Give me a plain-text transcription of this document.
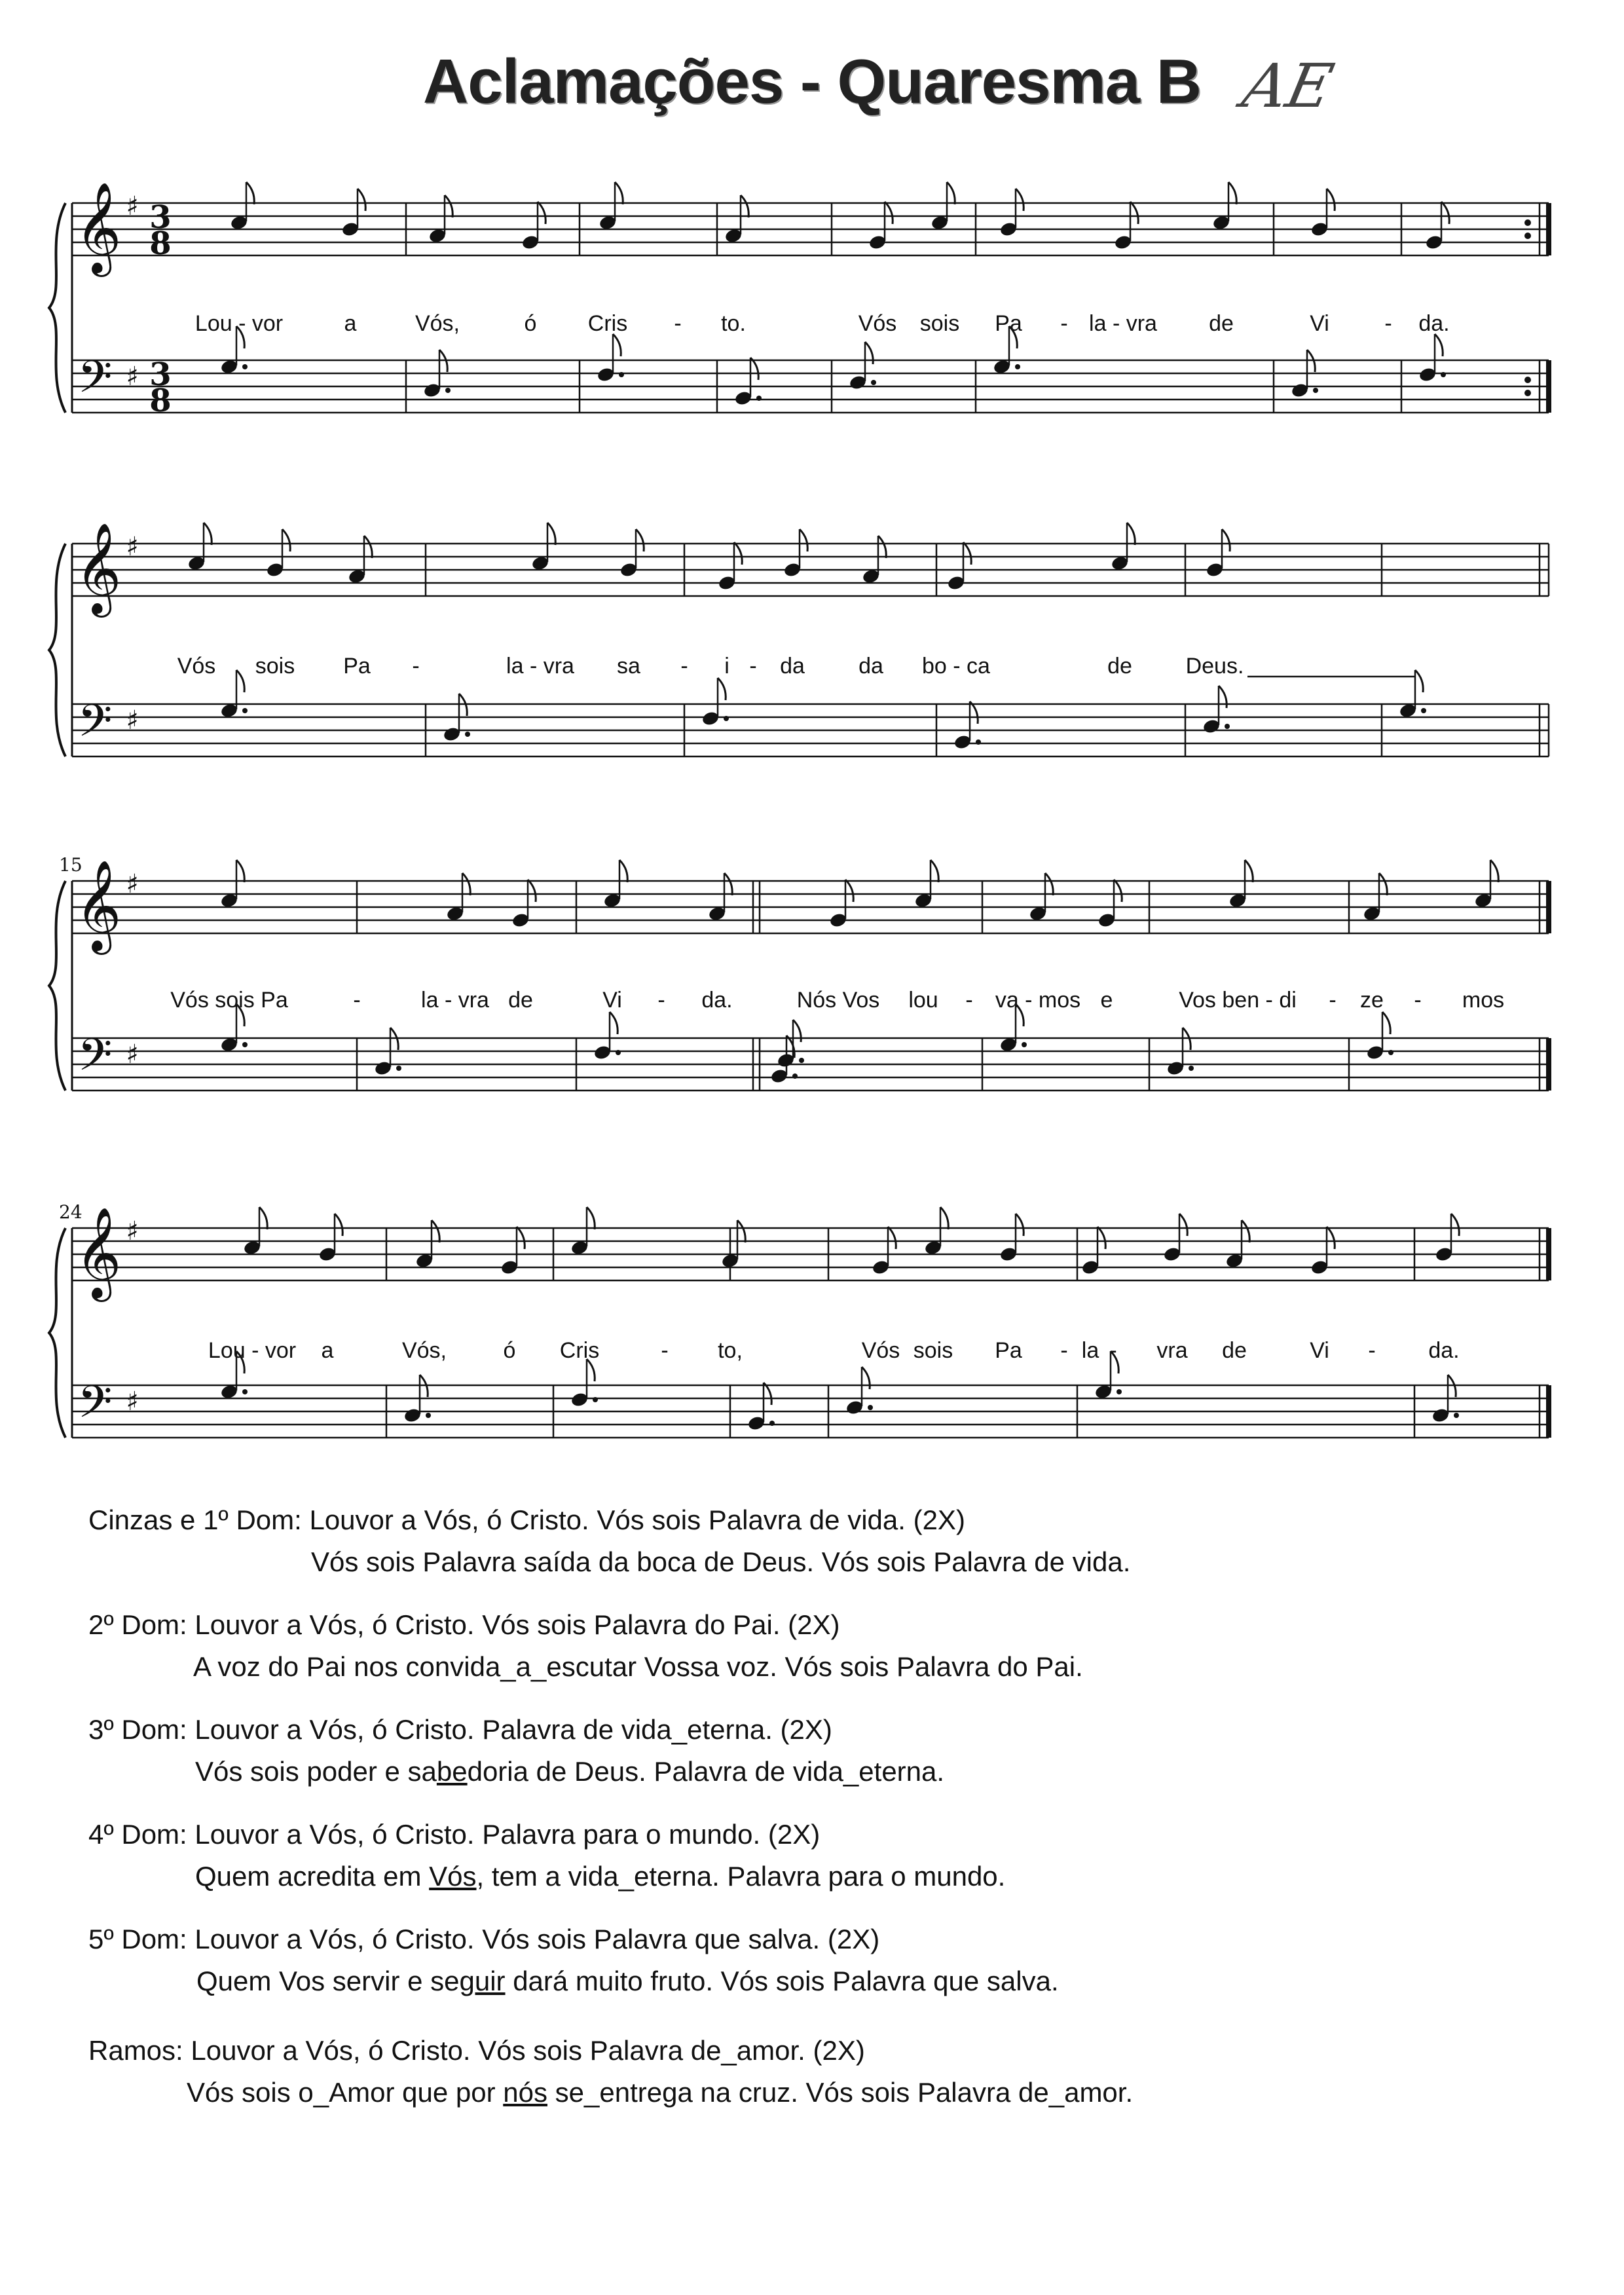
Aclamações - Quaresma B AE
𝄞
𝄢
♯
♯
3
8
3
8
Lou - vor	a	Vós,	ó Cris - to.	Vós sois Pa - la - vra de	Vi - da.
𝄞
𝄢
♯
♯
Vós sois Pa -	la - vra sa - i - da da bo - ca	de Deus.
𝄞
𝄢
♯
♯
15
Vós sois Pa	-	la - vra de	Vi - da.	Nós Vos lou - va - mos e	Vos ben - di - ze - mos
𝄞
𝄢
♯
♯
24
Lou - vor a	Vós,	ó Cris	- to,	Vós sois Pa - la - vra de	Vi - da.
Cinzas e 1º Dom: Louvor a Vós, ó Cristo. Vós sois Palavra de vida. (2X)
Vós sois Palavra saída da boca de Deus. Vós sois Palavra de vida.
2º Dom: Louvor a Vós, ó Cristo. Vós sois Palavra do Pai. (2X)
A voz do Pai nos convida_a_escutar Vossa voz. Vós sois Palavra do Pai.
3º Dom: Louvor a Vós, ó Cristo. Palavra de vida_eterna. (2X)
Vós sois poder e sabedoria de Deus. Palavra de vida_eterna.
4º Dom: Louvor a Vós, ó Cristo. Palavra para o mundo. (2X)
Quem acredita em Vós, tem a vida_eterna. Palavra para o mundo.
5º Dom: Louvor a Vós, ó Cristo. Vós sois Palavra que salva. (2X)
Quem Vos servir e seguir dará muito fruto. Vós sois Palavra que salva.
Ramos: Louvor a Vós, ó Cristo. Vós sois Palavra de_amor. (2X)
Vós sois o_Amor que por nós se_entrega na cruz. Vós sois Palavra de_amor.
